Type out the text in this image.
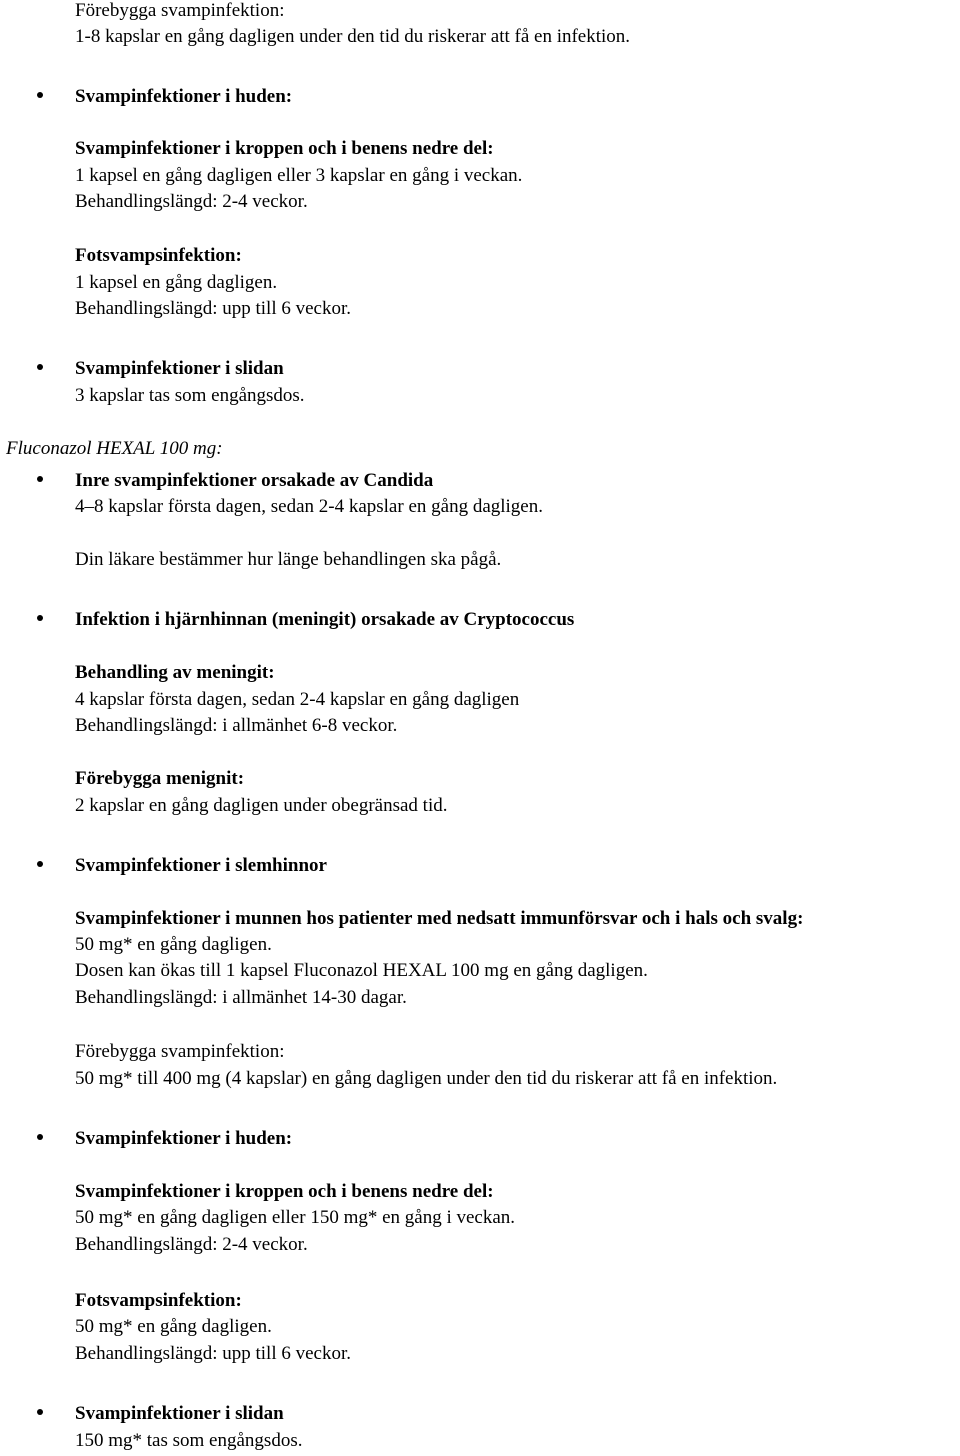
Förebygga svampinfektion:
1-8 kapslar en gång dagligen under den tid du riskerar att få en infektion.
Svampinfektioner i huden:
Svampinfektioner i kroppen och i benens nedre del:
1 kapsel en gång dagligen eller 3 kapslar en gång i veckan.
Behandlingslängd: 2-4 veckor.
Fotsvampsinfektion:
1 kapsel en gång dagligen.
Behandlingslängd: upp till 6 veckor.
Svampinfektioner i slidan
3 kapslar tas som engångsdos.
Fluconazol HEXAL 100 mg:
Inre svampinfektioner orsakade av Candida
4–8 kapslar första dagen, sedan 2-4 kapslar en gång dagligen.
Din läkare bestämmer hur länge behandlingen ska pågå.
Infektion i hjärnhinnan (meningit) orsakade av Cryptococcus
Behandling av meningit:
4 kapslar första dagen, sedan 2-4 kapslar en gång dagligen
Behandlingslängd: i allmänhet 6-8 veckor.
Förebygga menignit:
2 kapslar en gång dagligen under obegränsad tid.
Svampinfektioner i slemhinnor
Svampinfektioner i munnen hos patienter med nedsatt immunförsvar och i hals och svalg:
50 mg* en gång dagligen.
Dosen kan ökas till 1 kapsel Fluconazol HEXAL 100 mg en gång dagligen.
Behandlingslängd: i allmänhet 14-30 dagar.
Förebygga svampinfektion:
50 mg* till 400 mg (4 kapslar) en gång dagligen under den tid du riskerar att få en infektion.
Svampinfektioner i huden:
Svampinfektioner i kroppen och i benens nedre del:
50 mg* en gång dagligen eller 150 mg* en gång i veckan.
Behandlingslängd: 2-4 veckor.
Fotsvampsinfektion:
50 mg* en gång dagligen.
Behandlingslängd: upp till 6 veckor.
Svampinfektioner i slidan
150 mg* tas som engångsdos.
